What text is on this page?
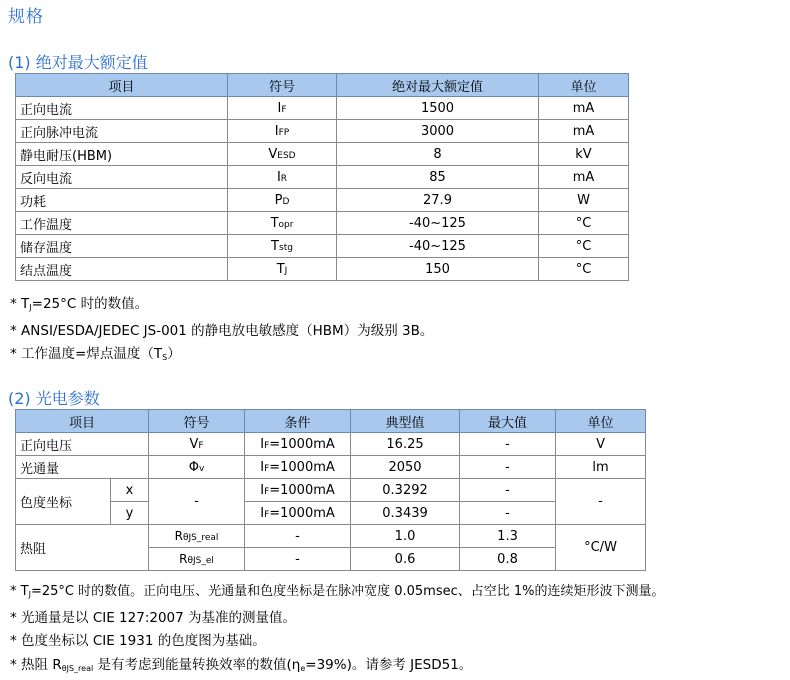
规格
(1) 绝对最大额定值
项目	符号	绝对最大额定值	单位
正向电流	IF	1500	mA
正向脉冲电流	IFP	3000	mA
静电耐压(HBM)	VESD	8	kV
反向电流	IR	85	mA
功耗	PD	27.9	W
工作温度	Topr	-40~125	°C
储存温度	Tstg	-40~125	°C
结点温度	TJ	150	°C
* TJ=25°C 时的数值。
* ANSI/ESDA/JEDEC JS-001 的静电放电敏感度（HBM）为级别 3B。
* 工作温度=焊点温度（TS）
(2) 光电参数
项目		符号	条件	典型值	最大值	单位
正向电压		VF	IF=1000mA	16.25	-	V
光通量		Φv	IF=1000mA	2050	-	lm
色度坐标	x	-	IF=1000mA	0.3292	-	-
	y		IF=1000mA	0.3439	-	
热阻		RθJS_real	-	1.0	1.3	°C/W
		RθJS_el	-	0.6	0.8	
* TJ=25°C 时的数值。正向电压、光通量和色度坐标是在脉冲宽度 0.05msec、占空比 1%的连续矩形波下测量。
* 光通量是以 CIE 127:2007 为基准的测量值。
* 色度坐标以 CIE 1931 的色度图为基础。
* 热阻 RθJS_real 是有考虑到能量转换效率的数值(ηe=39%)。请参考 JESD51。
